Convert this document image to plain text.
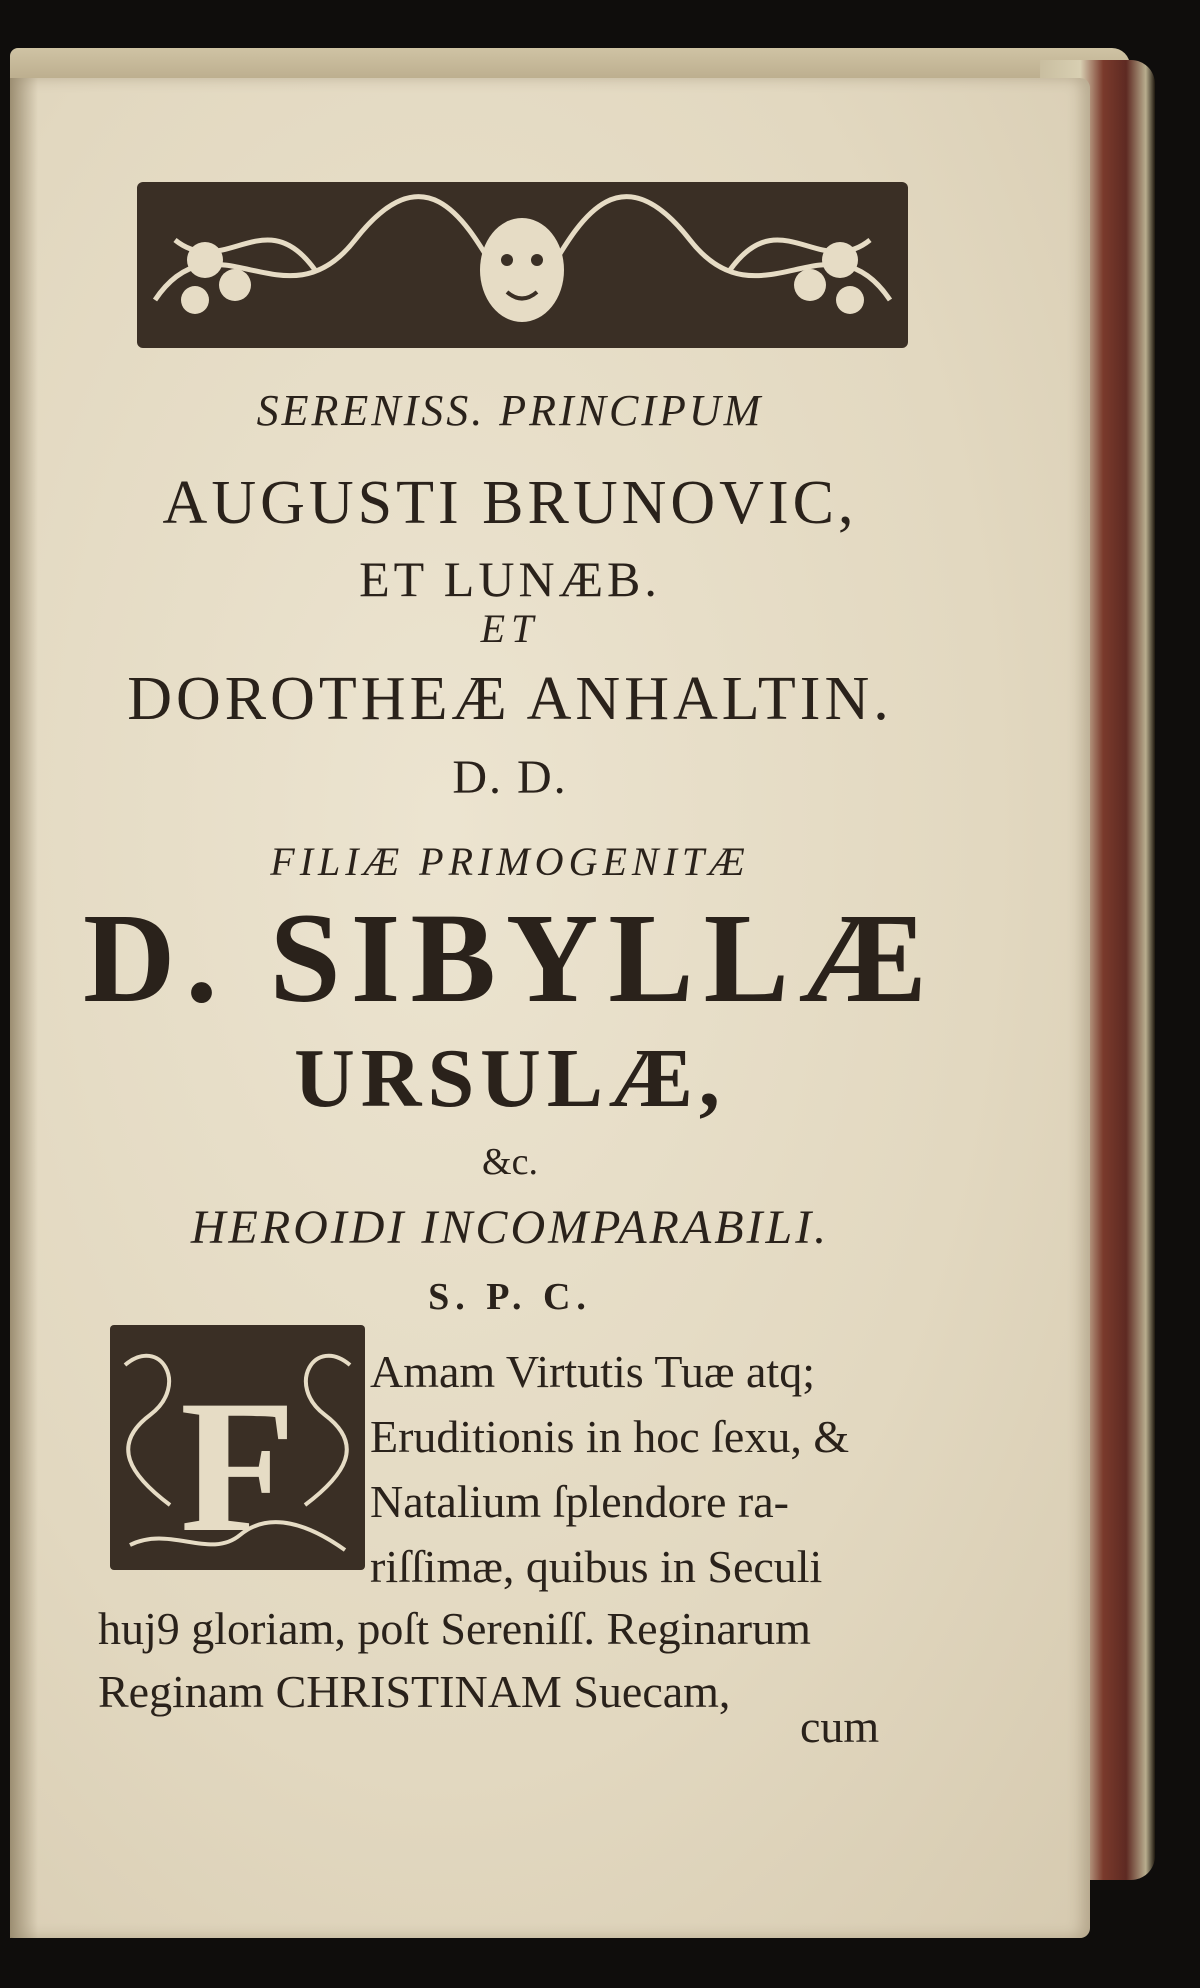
SERENISS. PRINCIPUM
AUGUSTI BRUNOVIC,
ET LUNÆB.
ET
DOROTHEÆ ANHALTIN.
D. D.
FILIÆ PRIMOGENITÆ
D. SIBYLLÆ
URSULÆ,
&c.
HEROIDI INCOMPARABILI.
S. P. C.
F Amam Virtutis Tuæ atq;
Eruditionis in hoc ſexu, &
Natalium ſplendore ra-
riſſimæ, quibus in Seculi
huj9 gloriam, poſt Sereniſſ. Reginarum
Reginam CHRISTINAM Suecam,
cum
